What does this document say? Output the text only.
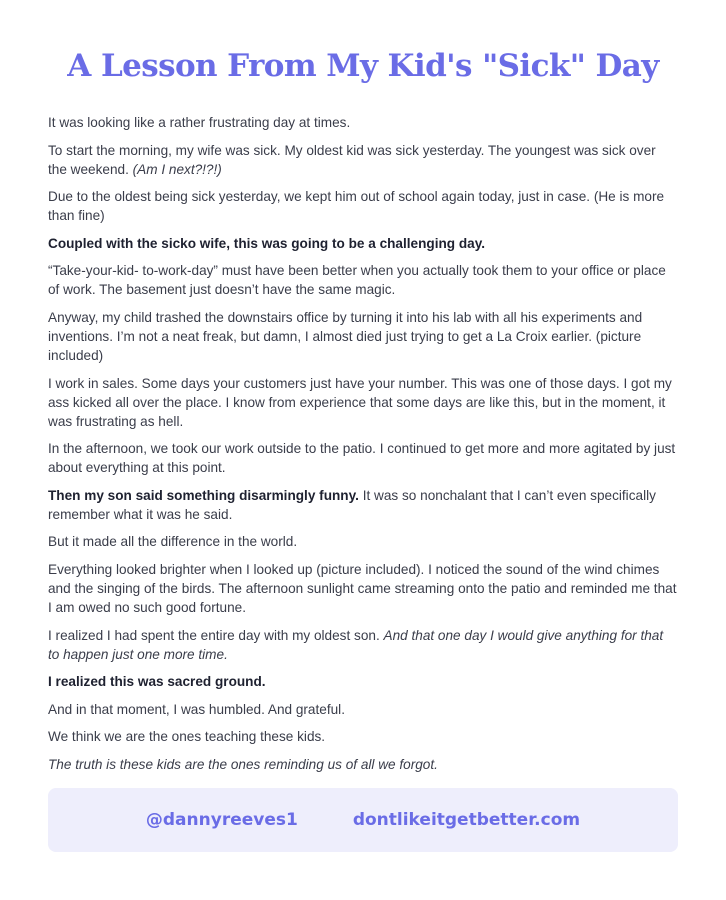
A Lesson From My Kid's "Sick" Day

It was looking like a rather frustrating day at times.

To start the morning, my wife was sick. My oldest kid was sick yesterday. The youngest was sick over the weekend. (Am I next?!?!)

Due to the oldest being sick yesterday, we kept him out of school again today, just in case. (He is more than fine)

Coupled with the sicko wife, this was going to be a challenging day.

“Take-your-kid- to-work-day” must have been better when you actually took them to your office or place of work. The basement just doesn’t have the same magic.

Anyway, my child trashed the downstairs office by turning it into his lab with all his experiments and inventions. I’m not a neat freak, but damn, I almost died just trying to get a La Croix earlier. (picture included)

I work in sales. Some days your customers just have your number. This was one of those days. I got my ass kicked all over the place. I know from experience that some days are like this, but in the moment, it was frustrating as hell.

In the afternoon, we took our work outside to the patio. I continued to get more and more agitated by just about everything at this point.

Then my son said something disarmingly funny. It was so nonchalant that I can’t even specifically remember what it was he said.

But it made all the difference in the world.

Everything looked brighter when I looked up (picture included). I noticed the sound of the wind chimes and the singing of the birds. The afternoon sunlight came streaming onto the patio and reminded me that I am owed no such good fortune.

I realized I had spent the entire day with my oldest son. And that one day I would give anything for that to happen just one more time.

I realized this was sacred ground.

And in that moment, I was humbled. And grateful.

We think we are the ones teaching these kids.

The truth is these kids are the ones reminding us of all we forgot.

@dannyreeves1	dontlikeitgetbetter.com
